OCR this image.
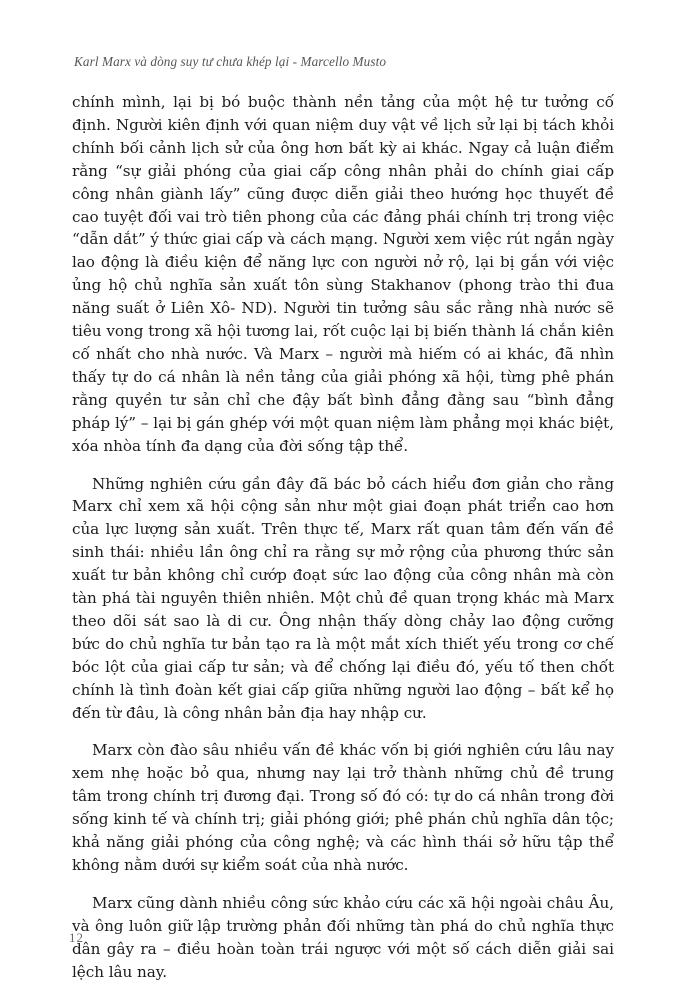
Karl Marx và dòng suy tư chưa khép lại - Marcello Musto

chính mình, lại bị bó buộc thành nền tảng của một hệ tư tưởng cố định. Người kiên định với quan niệm duy vật về lịch sử lại bị tách khỏi chính bối cảnh lịch sử của ông hơn bất kỳ ai khác. Ngay cả luận điểm rằng “sự giải phóng của giai cấp công nhân phải do chính giai cấp công nhân giành lấy” cũng được diễn giải theo hướng học thuyết đề cao tuyệt đối vai trò tiên phong của các đảng phái chính trị trong việc “dẫn dắt” ý thức giai cấp và cách mạng. Người xem việc rút ngắn ngày lao động là điều kiện để năng lực con người nở rộ, lại bị gắn với việc ủng hộ chủ nghĩa sản xuất tôn sùng Stakhanov (phong trào thi đua năng suất ở Liên Xô- ND). Người tin tưởng sâu sắc rằng nhà nước sẽ tiêu vong trong xã hội tương lai, rốt cuộc lại bị biến thành lá chắn kiên cố nhất cho nhà nước. Và Marx – người mà hiếm có ai khác, đã nhìn thấy tự do cá nhân là nền tảng của giải phóng xã hội, từng phê phán rằng quyền tư sản chỉ che đậy bất bình đẳng đằng sau “bình đẳng pháp lý” – lại bị gán ghép với một quan niệm làm phẳng mọi khác biệt, xóa nhòa tính đa dạng của đời sống tập thể.

Những nghiên cứu gần đây đã bác bỏ cách hiểu đơn giản cho rằng Marx chỉ xem xã hội cộng sản như một giai đoạn phát triển cao hơn của lực lượng sản xuất. Trên thực tế, Marx rất quan tâm đến vấn đề sinh thái: nhiều lần ông chỉ ra rằng sự mở rộng của phương thức sản xuất tư bản không chỉ cướp đoạt sức lao động của công nhân mà còn tàn phá tài nguyên thiên nhiên. Một chủ đề quan trọng khác mà Marx theo dõi sát sao là di cư. Ông nhận thấy dòng chảy lao động cưỡng bức do chủ nghĩa tư bản tạo ra là một mắt xích thiết yếu trong cơ chế bóc lột của giai cấp tư sản; và để chống lại điều đó, yếu tố then chốt chính là tình đoàn kết giai cấp giữa những người lao động – bất kể họ đến từ đâu, là công nhân bản địa hay nhập cư.

Marx còn đào sâu nhiều vấn đề khác vốn bị giới nghiên cứu lâu nay xem nhẹ hoặc bỏ qua, nhưng nay lại trở thành những chủ đề trung tâm trong chính trị đương đại. Trong số đó có: tự do cá nhân trong đời sống kinh tế và chính trị; giải phóng giới; phê phán chủ nghĩa dân tộc; khả năng giải phóng của công nghệ; và các hình thái sở hữu tập thể không nằm dưới sự kiểm soát của nhà nước.

Marx cũng dành nhiều công sức khảo cứu các xã hội ngoài châu Âu, và ông luôn giữ lập trường phản đối những tàn phá do chủ nghĩa thực dân gây ra – điều hoàn toàn trái ngược với một số cách diễn giải sai lệch lâu nay.

12
